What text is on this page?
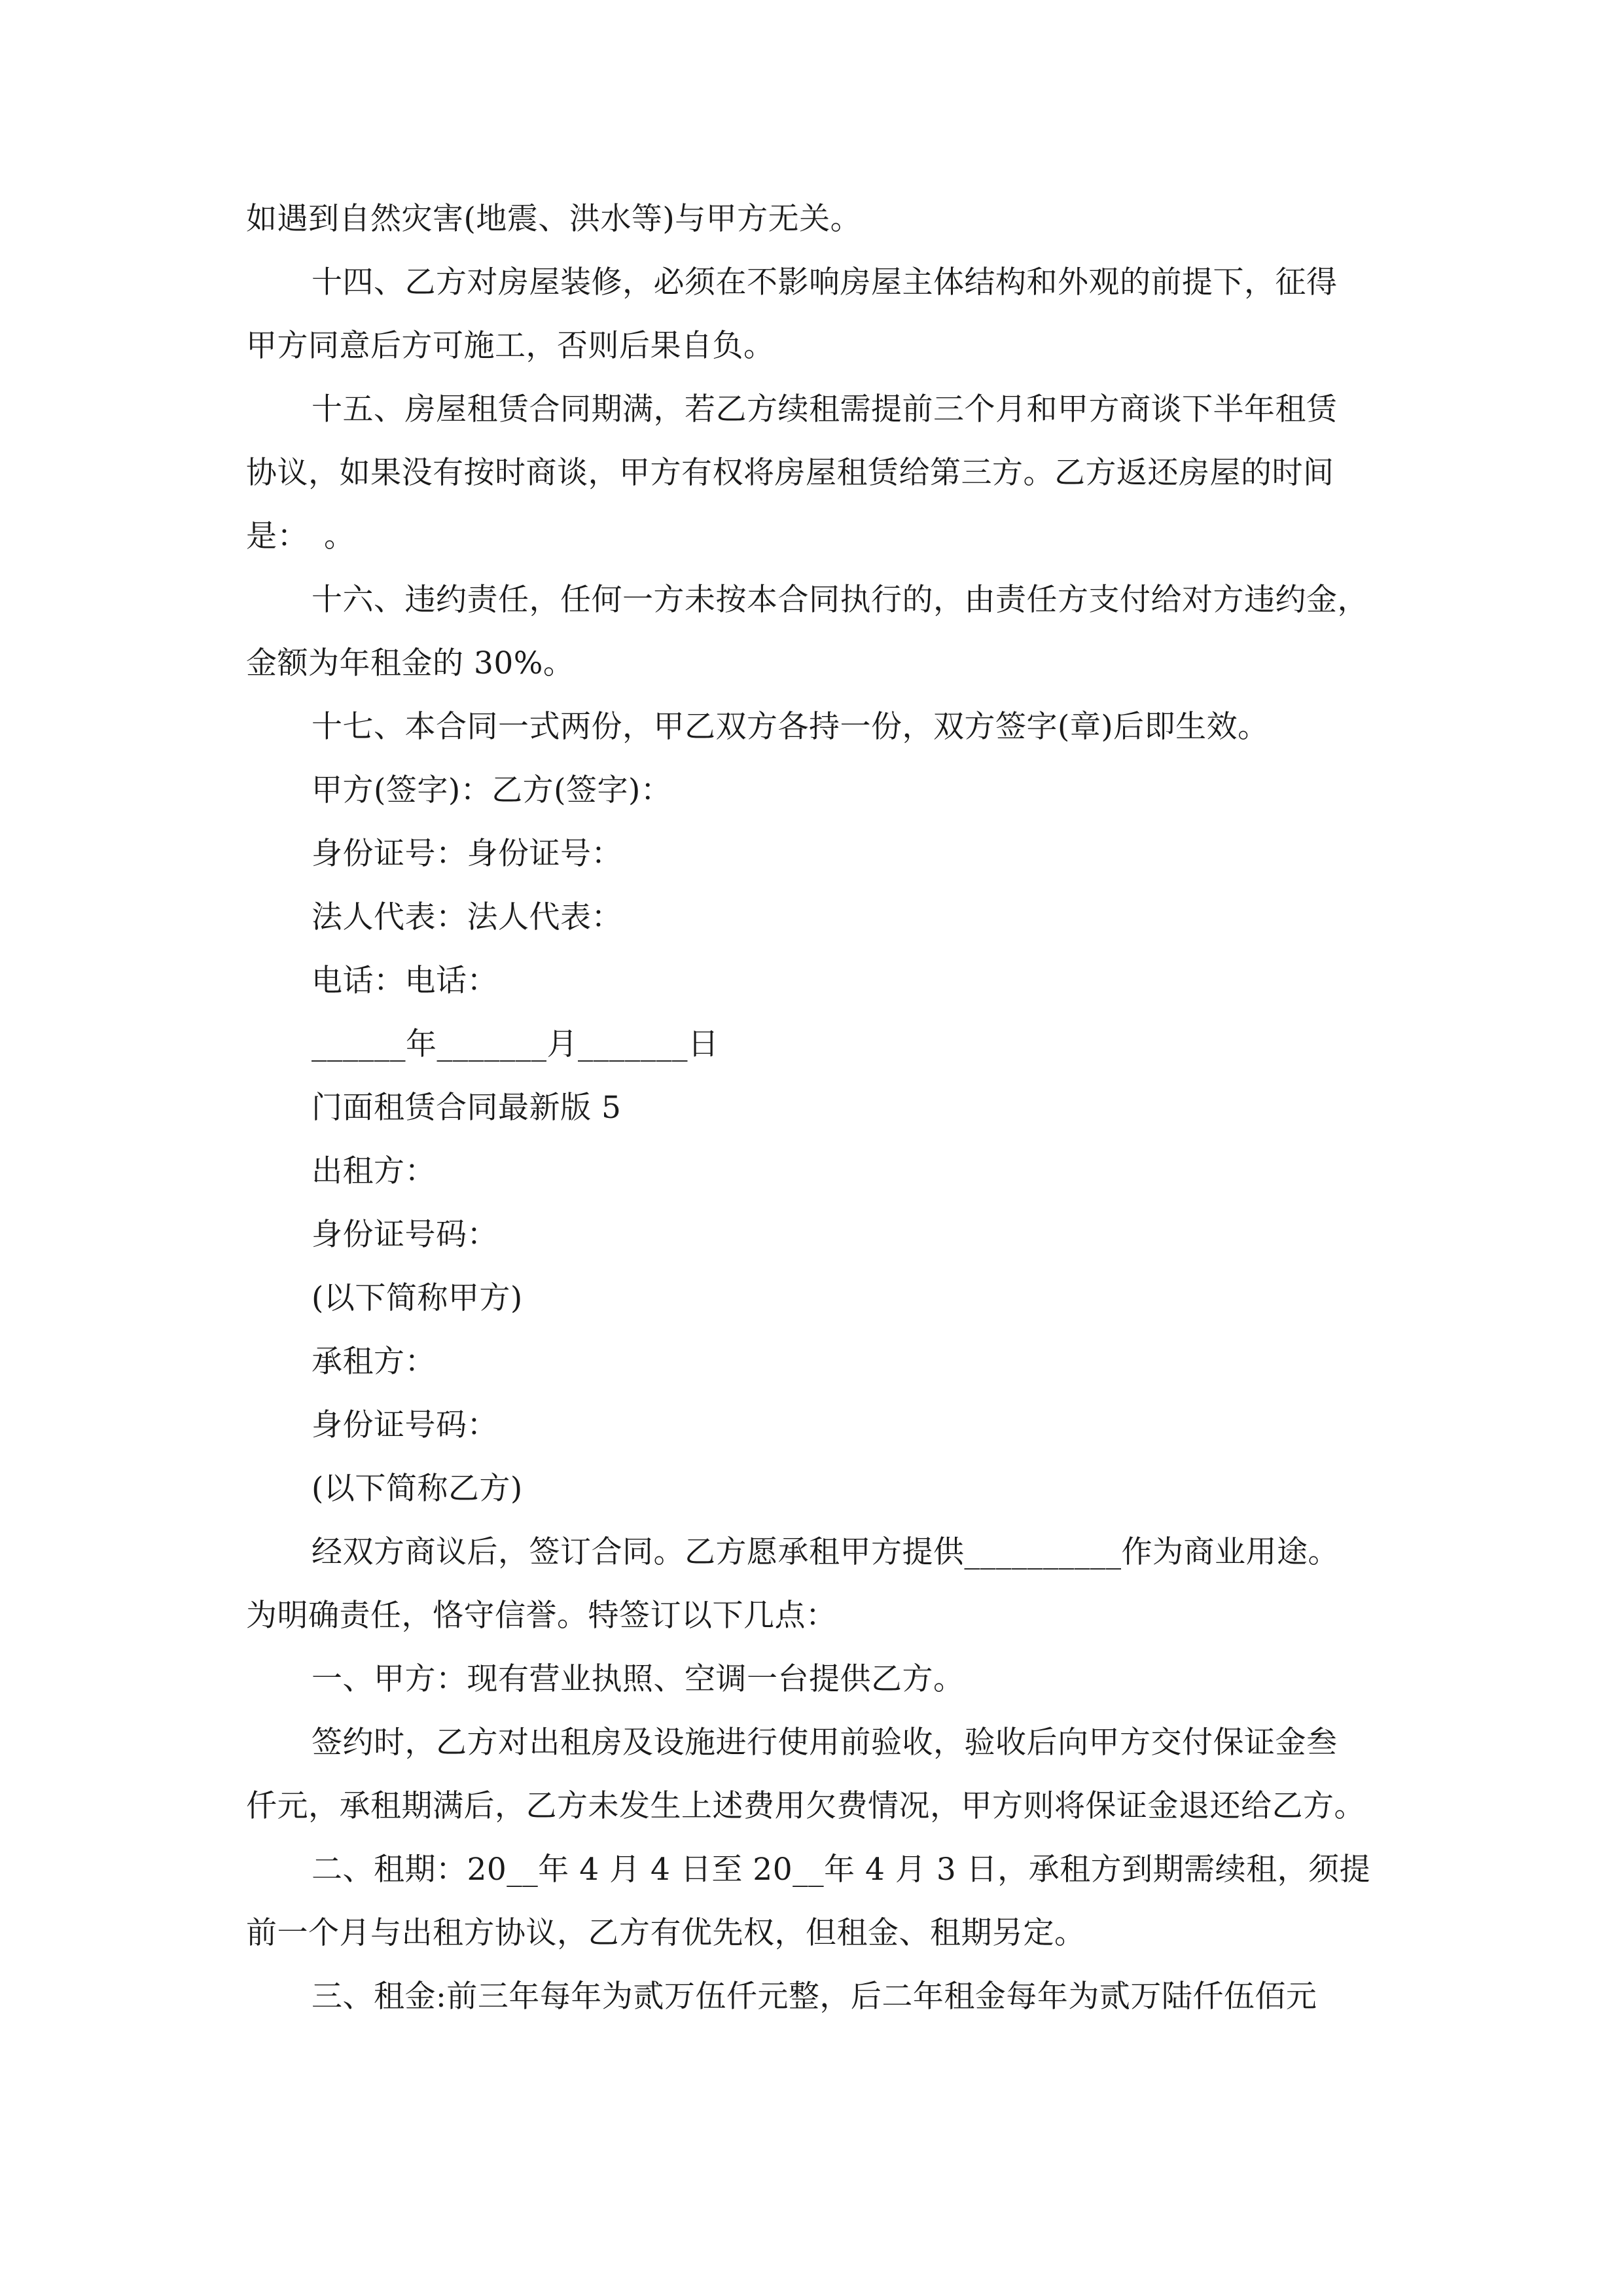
如遇到自然灾害(地震、洪水等)与甲方无关。
十四、乙方对房屋装修，必须在不影响房屋主体结构和外观的前提下，征得
甲方同意后方可施工，否则后果自负。
十五、房屋租赁合同期满，若乙方续租需提前三个月和甲方商谈下半年租赁
协议，如果没有按时商谈，甲方有权将房屋租赁给第三方。乙方返还房屋的时间
是：　。
十六、违约责任，任何一方未按本合同执行的，由责任方支付给对方违约金，
金额为年租金的 30%。
十七、本合同一式两份，甲乙双方各持一份，双方签字(章)后即生效。
甲方(签字)：乙方(签字)：
身份证号：身份证号：
法人代表：法人代表：
电话：电话：
______年_______月_______日
门面租赁合同最新版 5
出租方：
身份证号码：
(以下简称甲方)
承租方：
身份证号码：
(以下简称乙方)
经双方商议后，签订合同。乙方愿承租甲方提供__________作为商业用途。
为明确责任，恪守信誉。特签订以下几点：
一、甲方：现有营业执照、空调一台提供乙方。
签约时，乙方对出租房及设施进行使用前验收，验收后向甲方交付保证金叁
仟元，承租期满后，乙方未发生上述费用欠费情况，甲方则将保证金退还给乙方。
二、租期：20__年 4 月 4 日至 20__年 4 月 3 日，承租方到期需续租，须提
前一个月与出租方协议，乙方有优先权，但租金、租期另定。
三、租金:前三年每年为贰万伍仟元整，后二年租金每年为贰万陆仟伍佰元
